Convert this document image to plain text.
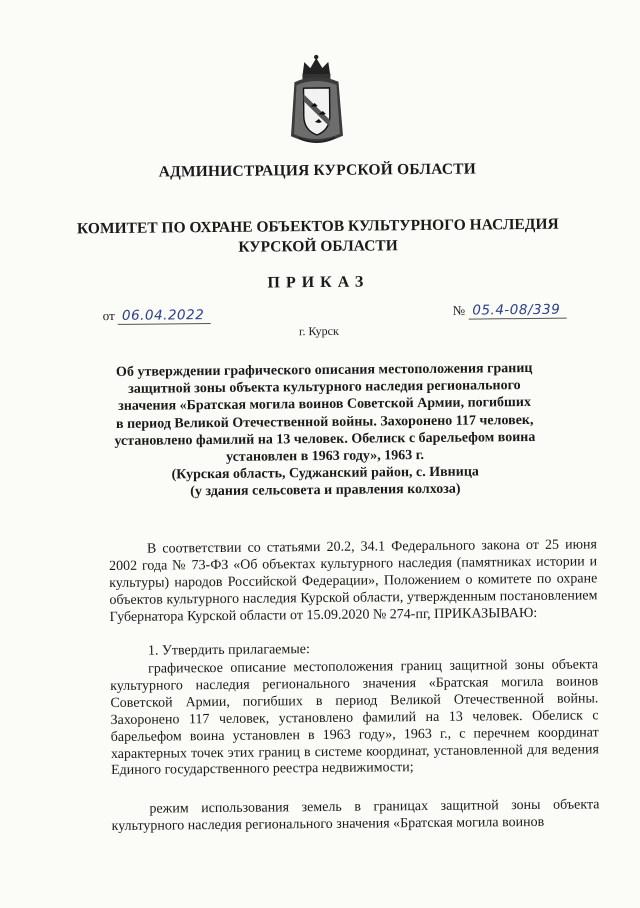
АДМИНИСТРАЦИЯ КУРСКОЙ ОБЛАСТИ
КОМИТЕТ ПО ОХРАНЕ ОБЪЕКТОВ КУЛЬТУРНОГО НАСЛЕДИЯ
КУРСКОЙ ОБЛАСТИ
ПРИКАЗ
от 06.04.2022	№ 05.4-08/339
г. Курск
Об утверждении графического описания местоположения границ
защитной зоны объекта культурного наследия регионального
значения «Братская могила воинов Советской Армии, погибших
в период Великой Отечественной войны. Захоронено 117 человек,
установлено фамилий на 13 человек. Обелиск с барельефом воина
установлен в 1963 году», 1963 г.
(Курская область, Суджанский район, с. Ивница
(у здания сельсовета и правления колхоза)
В соответствии со статьями 20.2, 34.1 Федерального закона от 25 июня 2002 года № 73-ФЗ «Об объектах культурного наследия (памятниках истории и культуры) народов Российской Федерации», Положением о комитете по охране объектов культурного наследия Курской области, утвержденным постановлением Губернатора Курской области от 15.09.2020 № 274-пг, ПРИКАЗЫВАЮ:
1. Утвердить прилагаемые:
графическое описание местоположения границ защитной зоны объекта культурного наследия регионального значения «Братская могила воинов Советской Армии, погибших в период Великой Отечественной войны. Захоронено 117 человек, установлено фамилий на 13 человек. Обелиск с барельефом воина установлен в 1963 году», 1963 г., с перечнем координат характерных точек этих границ в системе координат, установленной для ведения Единого государственного реестра недвижимости;
режим использования земель в границах защитной зоны объекта культурного наследия регионального значения «Братская могила воинов
